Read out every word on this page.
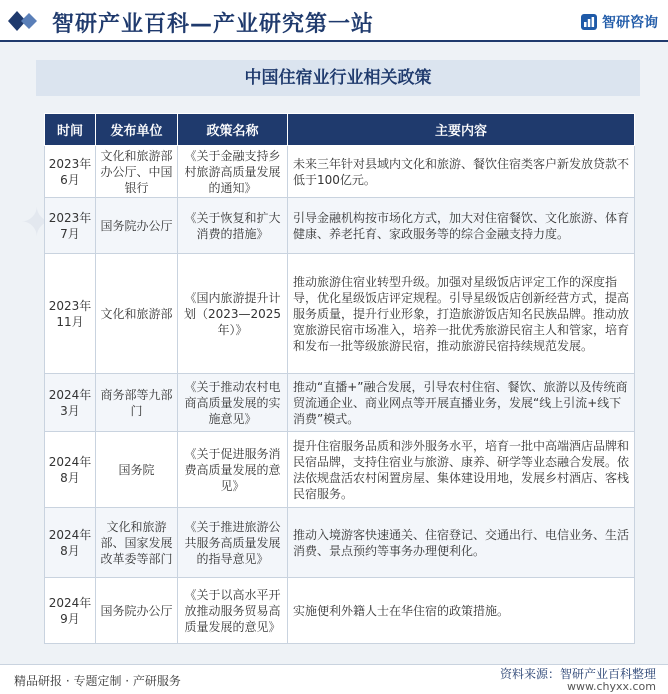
✦
智研产业百科—产业研究第一站	智研咨询
中国住宿业行业相关政策
时间	发布单位	政策名称	主要内容
2023年6月	文化和旅游部办公厅、中国银行	《关于金融支持乡村旅游高质量发展的通知》	未来三年针对县域内文化和旅游、餐饮住宿类客户新发放贷款不低于100亿元。
2023年7月	国务院办公厅	《关于恢复和扩大消费的措施》	引导金融机构按市场化方式，加大对住宿餐饮、文化旅游、体育健康、养老托育、家政服务等的综合金融支持力度。
2023年11月	文化和旅游部	《国内旅游提升计划（2023—2025年）》	推动旅游住宿业转型升级。加强对星级饭店评定工作的深度指导，优化星级饭店评定规程。引导星级饭店创新经营方式，提高服务质量，提升行业形象，打造旅游饭店知名民族品牌。推动放宽旅游民宿市场准入，培养一批优秀旅游民宿主人和管家，培育和发布一批等级旅游民宿，推动旅游民宿持续规范发展。
2024年3月	商务部等九部门	《关于推动农村电商高质量发展的实施意见》	推动“直播+”融合发展，引导农村住宿、餐饮、旅游以及传统商贸流通企业、商业网点等开展直播业务，发展“线上引流+线下消费”模式。
2024年8月	国务院	《关于促进服务消费高质量发展的意见》	提升住宿服务品质和涉外服务水平，培育一批中高端酒店品牌和民宿品牌，支持住宿业与旅游、康养、研学等业态融合发展。依法依规盘活农村闲置房屋、集体建设用地，发展乡村酒店、客栈民宿服务。
2024年8月	文化和旅游部、国家发展改革委等部门	《关于推进旅游公共服务高质量发展的指导意见》	推动入境游客快速通关、住宿登记、交通出行、电信业务、生活消费、景点预约等事务办理便利化。
2024年9月	国务院办公厅	《关于以高水平开放推动服务贸易高质量发展的意见》	实施便利外籍人士在华住宿的政策措施。
精品研报 · 专题定制 · 产研服务	资料来源：智研产业百科整理
www.chyxx.com
